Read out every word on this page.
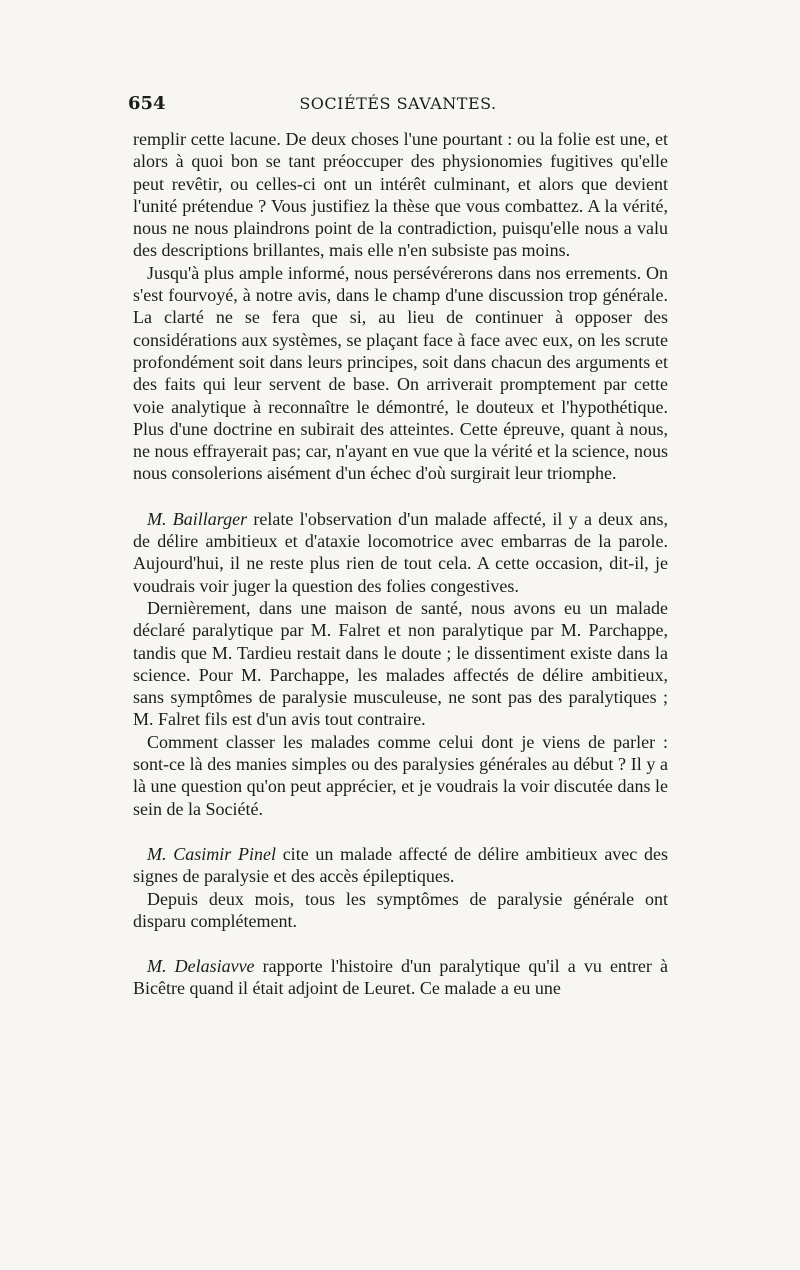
654	SOCIÉTÉS SAVANTES.

remplir cette lacune. De deux choses l'une pourtant : ou la folie est une, et alors à quoi bon se tant préoccuper des physionomies fugitives qu'elle peut revêtir, ou celles-ci ont un intérêt culminant, et alors que devient l'unité prétendue ? Vous justifiez la thèse que vous combattez. A la vérité, nous ne nous plaindrons point de la contradiction, puisqu'elle nous a valu des descriptions brillantes, mais elle n'en subsiste pas moins.

Jusqu'à plus ample informé, nous persévérerons dans nos errements. On s'est fourvoyé, à notre avis, dans le champ d'une discussion trop générale. La clarté ne se fera que si, au lieu de continuer à opposer des considérations aux systèmes, se plaçant face à face avec eux, on les scrute profondément soit dans leurs principes, soit dans chacun des arguments et des faits qui leur servent de base. On arriverait promptement par cette voie analytique à reconnaître le démontré, le douteux et l'hypothétique. Plus d'une doctrine en subirait des atteintes. Cette épreuve, quant à nous, ne nous effrayerait pas; car, n'ayant en vue que la vérité et la science, nous nous consolerions aisément d'un échec d'où surgirait leur triomphe.

M. Baillarger relate l'observation d'un malade affecté, il y a deux ans, de délire ambitieux et d'ataxie locomotrice avec embarras de la parole. Aujourd'hui, il ne reste plus rien de tout cela. A cette occasion, dit-il, je voudrais voir juger la question des folies congestives.

Dernièrement, dans une maison de santé, nous avons eu un malade déclaré paralytique par M. Falret et non paralytique par M. Parchappe, tandis que M. Tardieu restait dans le doute ; le dissentiment existe dans la science. Pour M. Parchappe, les malades affectés de délire ambitieux, sans symptômes de paralysie musculeuse, ne sont pas des paralytiques ; M. Falret fils est d'un avis tout contraire.

Comment classer les malades comme celui dont je viens de parler : sont-ce là des manies simples ou des paralysies générales au début ? Il y a là une question qu'on peut apprécier, et je voudrais la voir discutée dans le sein de la Société.

M. Casimir Pinel cite un malade affecté de délire ambitieux avec des signes de paralysie et des accès épileptiques.

Depuis deux mois, tous les symptômes de paralysie générale ont disparu complétement.

M. Delasiavve rapporte l'histoire d'un paralytique qu'il a vu entrer à Bicêtre quand il était adjoint de Leuret. Ce malade a eu une
